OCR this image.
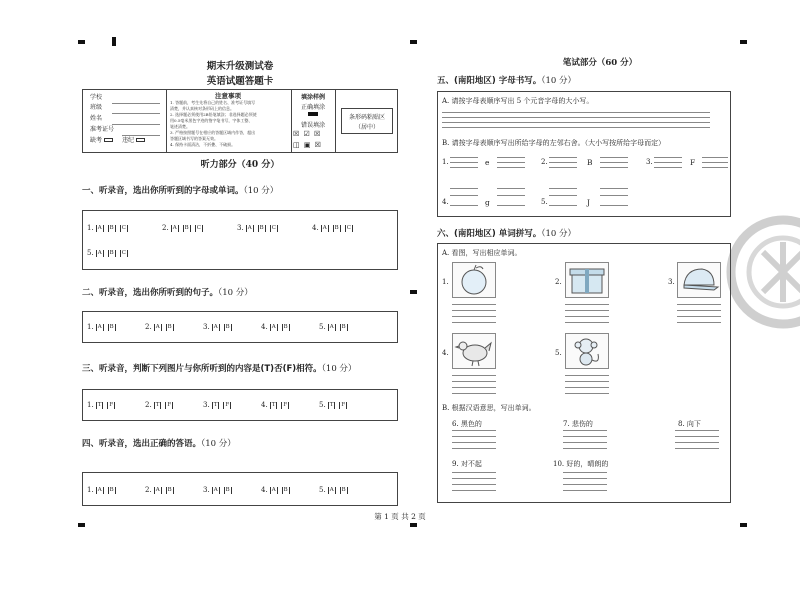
期末升级测试卷
英语试题答题卡
学校
班级
姓名
准考证号
缺考	违纪
注意事项
1. 答题前，考生先将自己的姓名、准考证号填写
清楚，并认真核对条形码上的信息。
2. 选择题必须使用2B铅笔填涂；非选择题必须使
用0.5毫米黑色字迹的签字笔书写，字体工整、
笔迹清楚。
3. 严格按照题号在相应的答题区域内作答，超出
答题区域书写的答案无效。
4. 保持卡面清洁，不折叠、不破损。
填涂样例
正确填涂
错误填涂
☒ ☑ ☒
◫ ▣ ☒
条形码粘贴区
（居中）
听力部分（40 分）
一、听录音，选出你所听到的字母或单词。（10 分）
1. A B C	2. A B C	3. A B C	4. A B C
5. A B C
二、听录音，选出你所听到的句子。（10 分）
1. A B	2. A B	3. A B	4. A B	5. A B
三、听录音，判断下列图片与你所听到的内容是(T)否(F)相符。（10 分）
1. T F	2. T F	3. T F	4. T F	5. T F
四、听录音，选出正确的答语。（10 分）
1. A B	2. A B	3. A B	4. A B	5. A B
笔试部分（60 分）
五、(南阳地区) 字母书写。（10 分）
A. 请按字母表顺序写出 5 个元音字母的大小写。
B. 请按字母表顺序写出所给字母的左邻右舍。（大小写按所给字母而定）
1.	e	2.	B	3.	F
4.	g	5.	J
六、(南阳地区) 单词拼写。（10 分）
A. 看图，写出相应单词。
1.	2.	3.
4.	5.
B. 根据汉语意思，写出单词。
6. 黑色的	7. 悲伤的	8. 向下
9. 对不起	10. 好的，晴朗的
第 1 页 共 2 页
